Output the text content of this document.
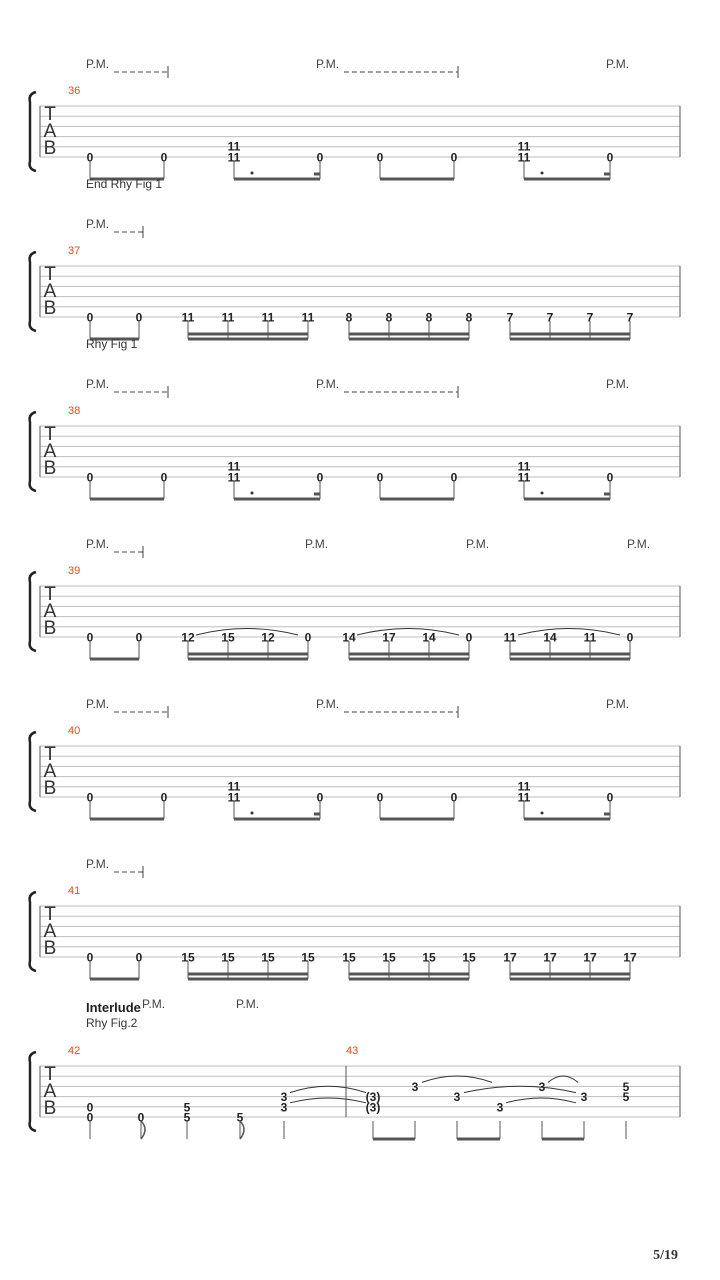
T
A
B
36
P.M.	P.M.	P.M.
0	0
11
11	0	0	0
11
11	0
T
A
B
37
End Rhy Fig 1
P.M.
0	0	11 11 11 11	8	8	8	8	7	7	7	7
T
A
B
38
Rhy Fig 1
P.M.	P.M.	P.M.
0	0
11
11	0	0	0
11
11	0
T
A
B
39
P.M.	P.M.	P.M.	P.M.
0	0	12 15 12 0	14 17 14 0	11 14 11	0
T
A
B
40
P.M.	P.M.	P.M.
0	0
11
11	0	0	0
11
11	0
T
A
B
41
P.M.
0	0	15 15 15 15 15 15 15 15 17 17 17 17
T
A
B
42
Interlude
Rhy Fig.2
P.M.	P.M.
43
0
0	0
5
5	5
3
3
(3)
(3)
3
3
3
3
3
5
5
5/19
